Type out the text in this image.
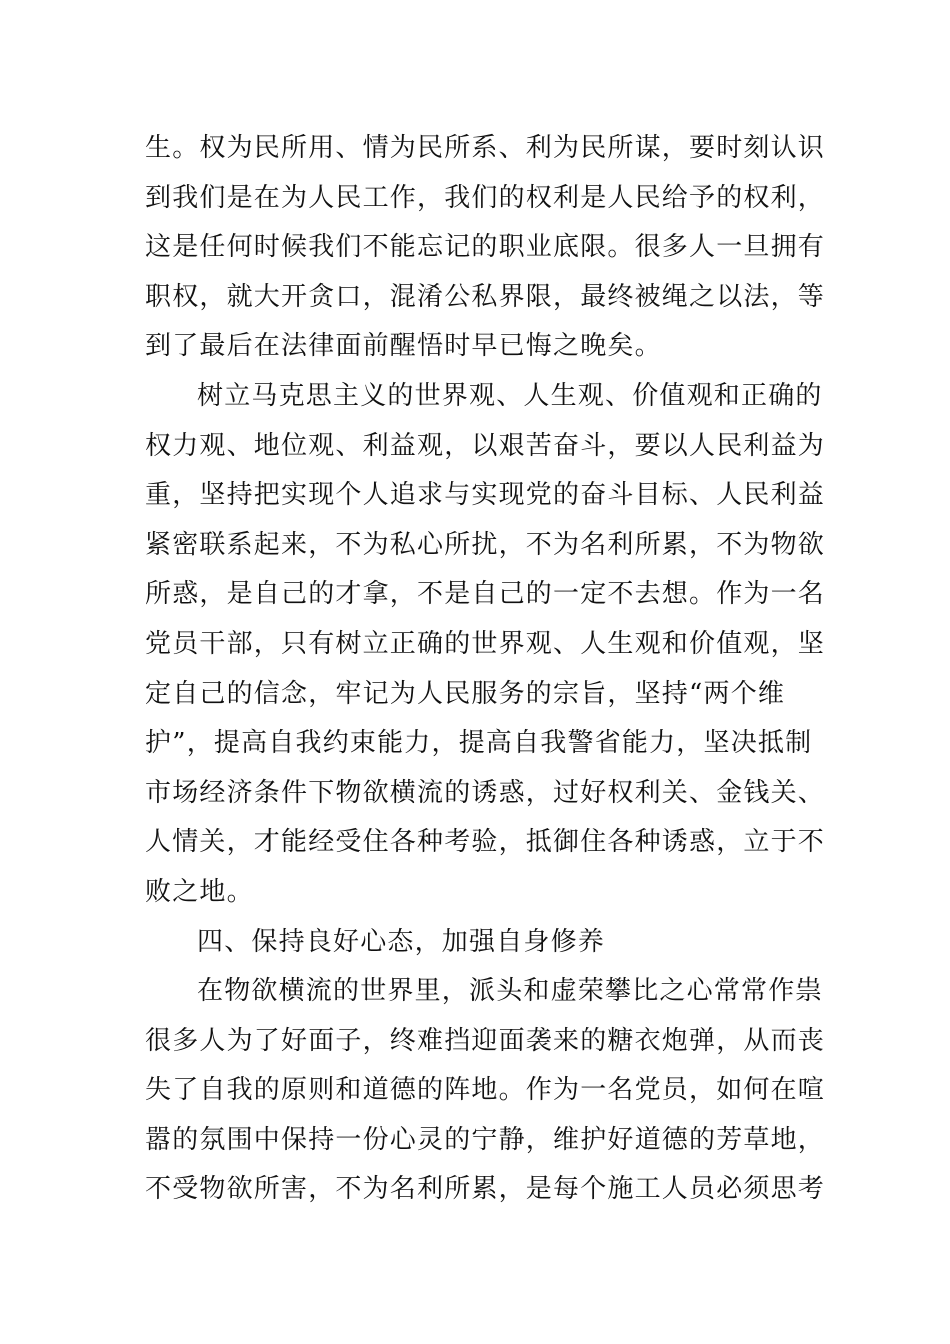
生。权为民所用、情为民所系、利为民所谋，要时刻认识
到我们是在为人民工作，我们的权利是人民给予的权利，
这是任何时候我们不能忘记的职业底限。很多人一旦拥有
职权，就大开贪口，混淆公私界限，最终被绳之以法，等
到了最后在法律面前醒悟时早已悔之晚矣。
树立马克思主义的世界观、人生观、价值观和正确的
权力观、地位观、利益观，以艰苦奋斗，要以人民利益为
重，坚持把实现个人追求与实现党的奋斗目标、人民利益
紧密联系起来，不为私心所扰，不为名利所累，不为物欲
所惑，是自己的才拿，不是自己的一定不去想。作为一名
党员干部，只有树立正确的世界观、人生观和价值观，坚
定自己的信念，牢记为人民服务的宗旨，坚持“两个维
护”，提高自我约束能力，提高自我警省能力，坚决抵制
市场经济条件下物欲横流的诱惑，过好权利关、金钱关、
人情关，才能经受住各种考验，抵御住各种诱惑，立于不
败之地。
四、保持良好心态，加强自身修养
在物欲横流的世界里，派头和虚荣攀比之心常常作祟
很多人为了好面子，终难挡迎面袭来的糖衣炮弹，从而丧
失了自我的原则和道德的阵地。作为一名党员，如何在喧
嚣的氛围中保持一份心灵的宁静，维护好道德的芳草地，
不受物欲所害，不为名利所累，是每个施工人员必须思考
